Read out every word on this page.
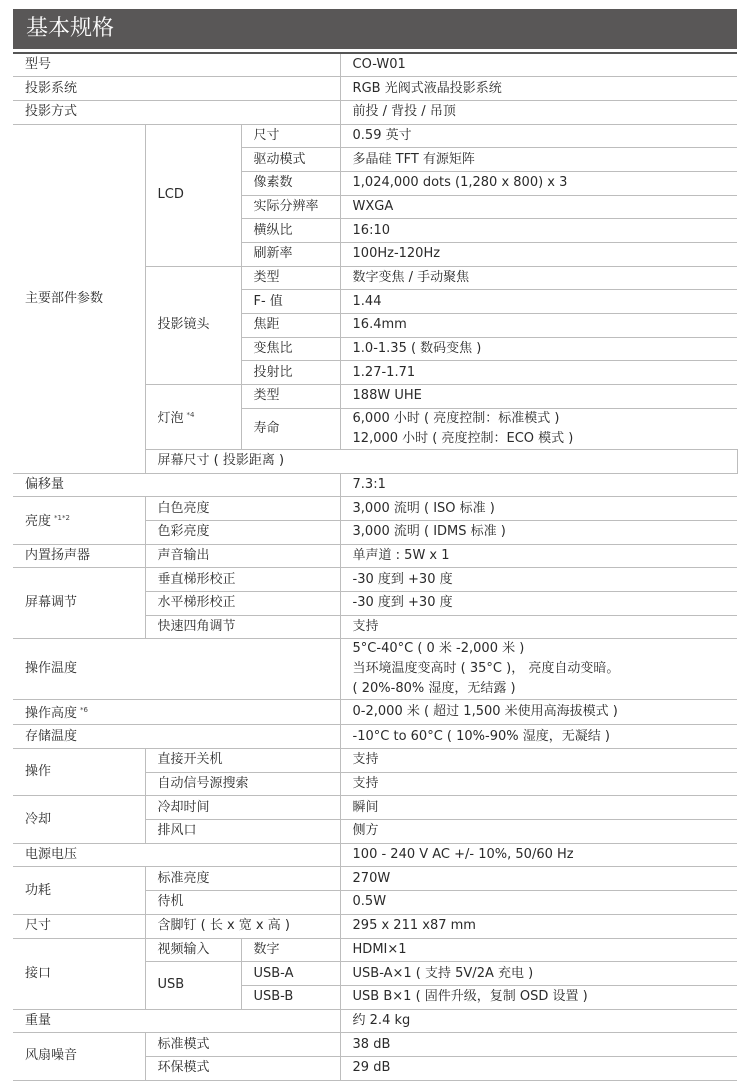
基本规格
型号			CO-W01	
投影系统			RGB 光阀式液晶投影系统	
投影方式			前投 / 背投 / 吊顶	
主要部件参数	LCD	尺寸	0.59 英寸	
		驱动模式	多晶硅 TFT 有源矩阵	
		像素数	1,024,000 dots (1,280 x 800) x 3	
		实际分辨率	WXGA	
		横纵比	16:10	
		刷新率	100Hz-120Hz	
	投影镜头	类型	数字变焦 / 手动聚焦	
		F- 值	1.44	
		焦距	16.4mm	
		变焦比	1.0-1.35 ( 数码变焦 )	
		投射比	1.27-1.71	
	灯泡 $^{*4}$	类型	188W UHE	
		寿命	6,000 小时 ( 亮度控制：标准模式 )
12,000 小时 ( 亮度控制：ECO 模式 )	

	屏幕尺寸 ( 投影距离 )	
偏移量			7.3:1	
亮度 $^{*1*2}$	白色亮度		3,000 流明 ( ISO 标准 )	
	色彩亮度		3,000 流明 ( IDMS 标准 )	
内置扬声器	声音输出		单声道 : 5W x 1	
屏幕调节	垂直梯形校正		-30 度到 +30 度	
	水平梯形校正		-30 度到 +30 度	
	快速四角调节		支持	
操作温度			5°C-40°C ( 0 米 -2,000 米 )
当环境温度变高时 ( 35°C )， 亮度自动变暗。
( 20%-80% 湿度，无结露 )	

操作高度 $^{*6}$			0-2,000 米 ( 超过 1,500 米使用高海拔模式 )	
存储温度			-10°C to 60°C ( 10%-90% 湿度，无凝结 )	
操作	直接开关机		支持	
	自动信号源搜索		支持	
冷却	冷却时间		瞬间	
	排风口		侧方	
电源电压			100 - 240 V AC +/- 10%, 50/60 Hz	
功耗	标准亮度		270W	
	待机		0.5W	
尺寸	含脚钉 ( 长 x 宽 x 高 )		295 x 211 x87 mm	
接口	视频输入	数字	HDMI×1	
	USB	USB-A	USB-A×1 ( 支持 5V/2A 充电 )	
		USB-B	USB B×1 ( 固件升级，复制 OSD 设置 )	
重量			约 2.4 kg	
风扇噪音	标准模式		38 dB	
	环保模式		29 dB	
